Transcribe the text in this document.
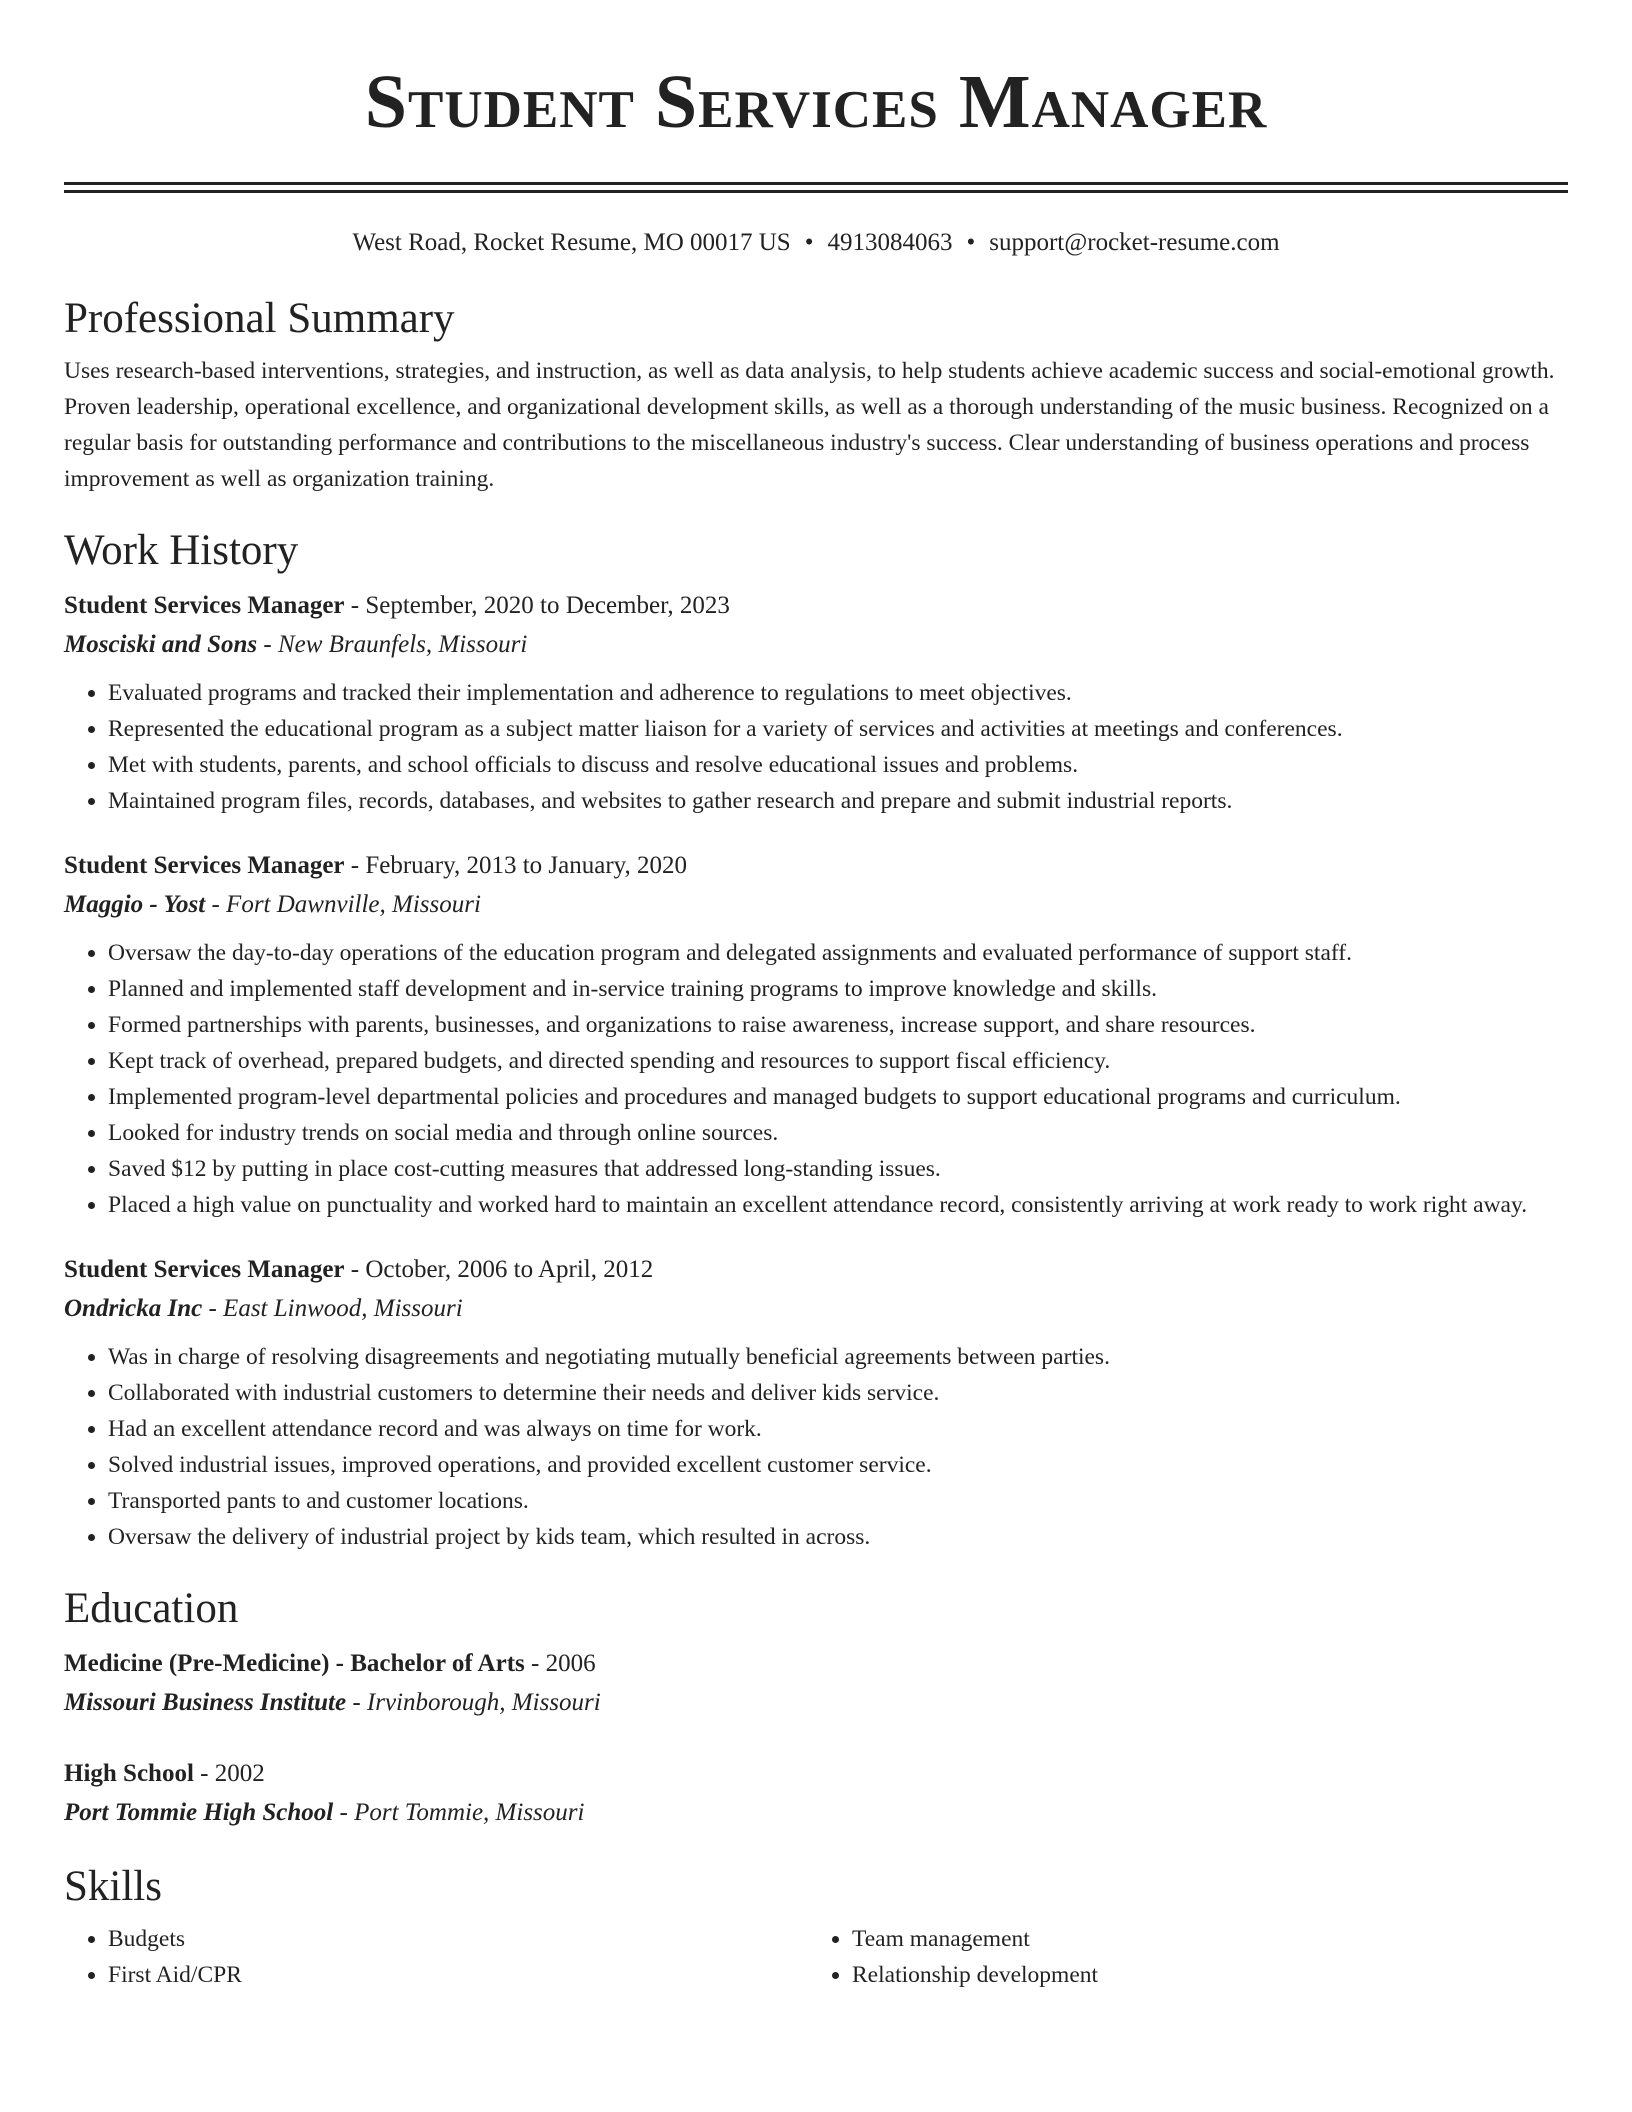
Student Services Manager
West Road, Rocket Resume, MO 00017 US • 4913084063 • support@rocket-resume.com
Professional Summary
Uses research-based interventions, strategies, and instruction, as well as data analysis, to help students achieve academic success and social-emotional growth. Proven leadership, operational excellence, and organizational development skills, as well as a thorough understanding of the music business. Recognized on a regular basis for outstanding performance and contributions to the miscellaneous industry's success. Clear understanding of business operations and process improvement as well as organization training.
Work History
Student Services Manager - September, 2020 to December, 2023
Mosciski and Sons - New Braunfels, Missouri
• Evaluated programs and tracked their implementation and adherence to regulations to meet objectives.
• Represented the educational program as a subject matter liaison for a variety of services and activities at meetings and conferences.
• Met with students, parents, and school officials to discuss and resolve educational issues and problems.
• Maintained program files, records, databases, and websites to gather research and prepare and submit industrial reports.
Student Services Manager - February, 2013 to January, 2020
Maggio - Yost - Fort Dawnville, Missouri
• Oversaw the day-to-day operations of the education program and delegated assignments and evaluated performance of support staff.
• Planned and implemented staff development and in-service training programs to improve knowledge and skills.
• Formed partnerships with parents, businesses, and organizations to raise awareness, increase support, and share resources.
• Kept track of overhead, prepared budgets, and directed spending and resources to support fiscal efficiency.
• Implemented program-level departmental policies and procedures and managed budgets to support educational programs and curriculum.
• Looked for industry trends on social media and through online sources.
• Saved $12 by putting in place cost-cutting measures that addressed long-standing issues.
• Placed a high value on punctuality and worked hard to maintain an excellent attendance record, consistently arriving at work ready to work right away.
Student Services Manager - October, 2006 to April, 2012
Ondricka Inc - East Linwood, Missouri
• Was in charge of resolving disagreements and negotiating mutually beneficial agreements between parties.
• Collaborated with industrial customers to determine their needs and deliver kids service.
• Had an excellent attendance record and was always on time for work.
• Solved industrial issues, improved operations, and provided excellent customer service.
• Transported pants to and customer locations.
• Oversaw the delivery of industrial project by kids team, which resulted in across.
Education
Medicine (Pre-Medicine) - Bachelor of Arts - 2006
Missouri Business Institute - Irvinborough, Missouri
High School - 2002
Port Tommie High School - Port Tommie, Missouri
Skills
• Budgets
• First Aid/CPR
• Team management
• Relationship development
